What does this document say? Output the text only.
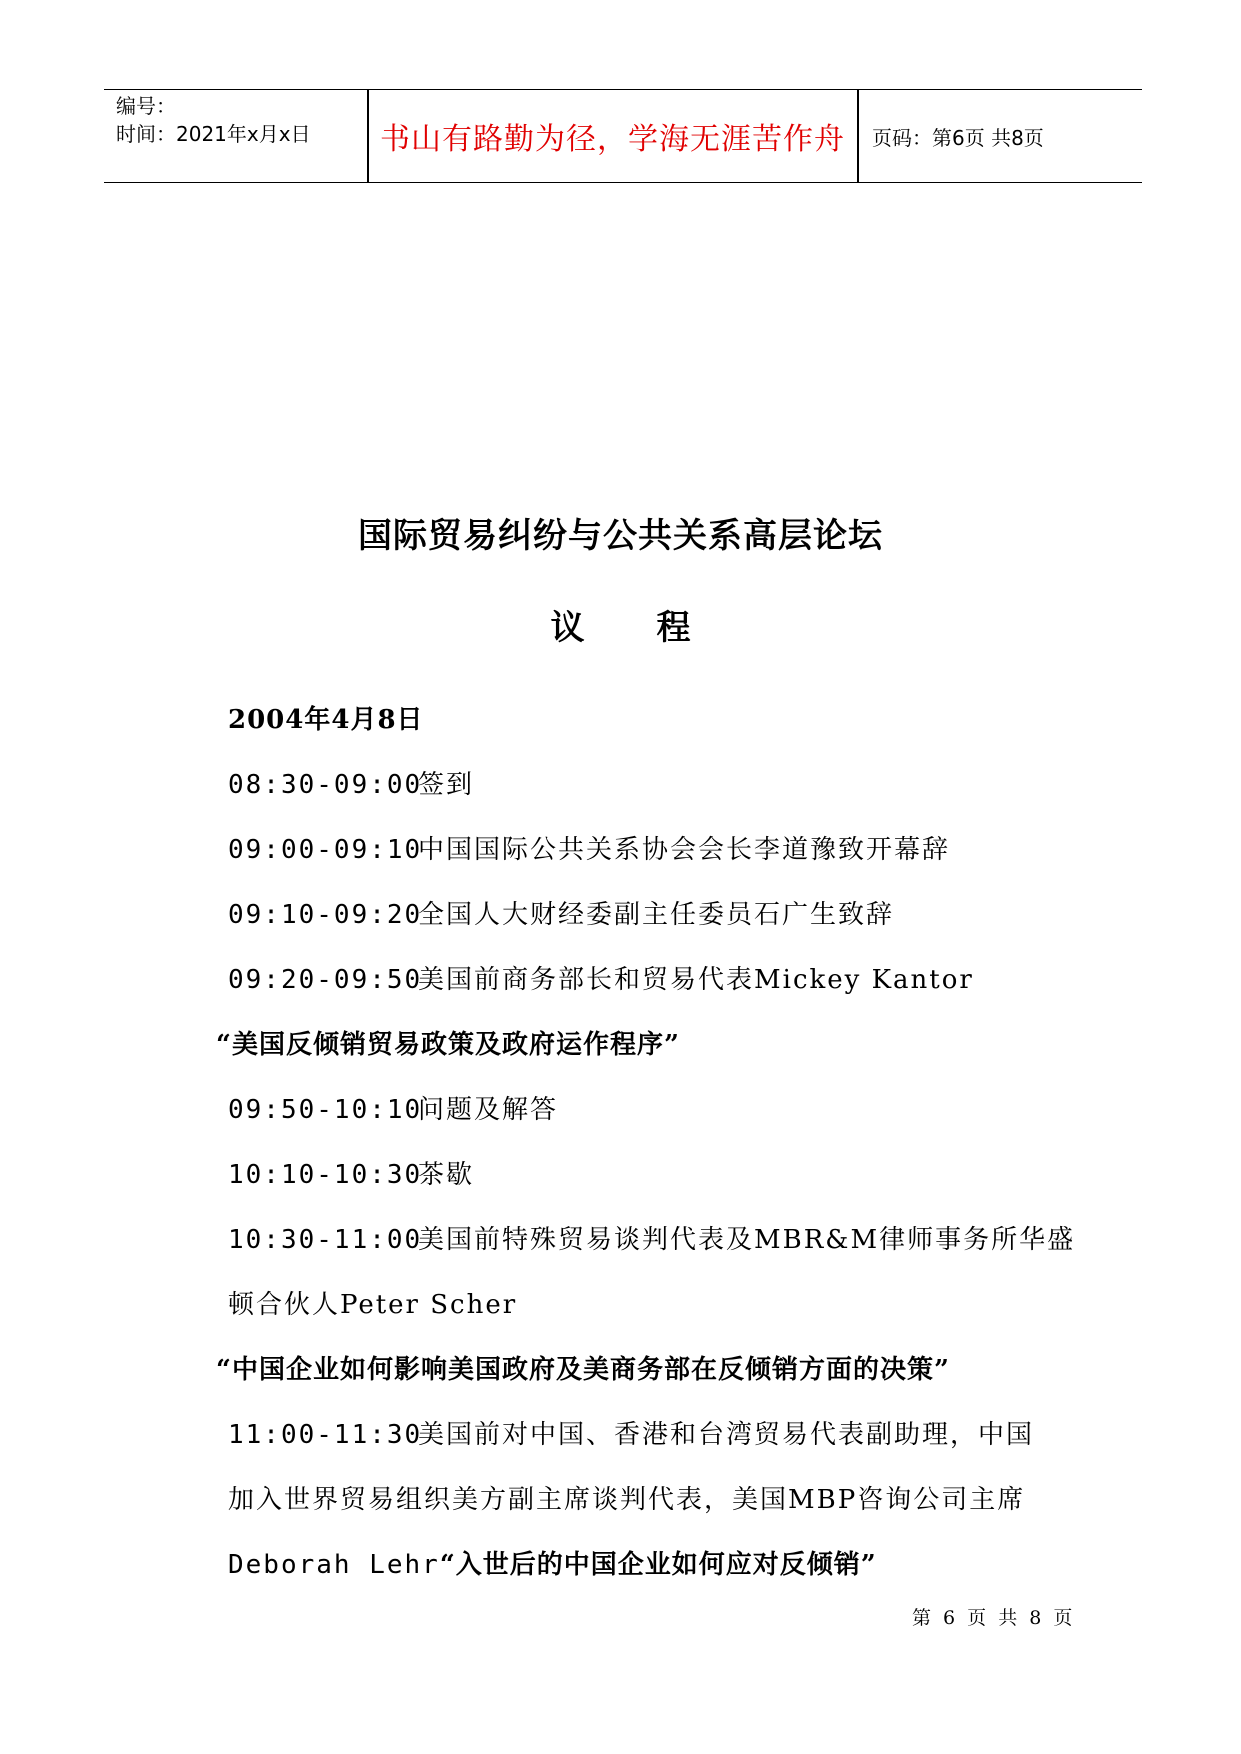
编号：
时间：2021年x月x日	书山有路勤为径，学海无涯苦作舟	页码：第6页 共8页
国际贸易纠纷与公共关系高层论坛
议 程
2004年4月8日
08:30-09:00签到
09:00-09:10中国国际公共关系协会会长李道豫致开幕辞
09:10-09:20全国人大财经委副主任委员石广生致辞
09:20-09:50美国前商务部长和贸易代表Mickey Kantor
“美国反倾销贸易政策及政府运作程序”
09:50-10:10问题及解答
10:10-10:30茶歇
10:30-11:00美国前特殊贸易谈判代表及MBR&M律师事务所华盛
顿合伙人Peter Scher
“中国企业如何影响美国政府及美商务部在反倾销方面的决策”
11:00-11:30美国前对中国、香港和台湾贸易代表副助理，中国
加入世界贸易组织美方副主席谈判代表，美国MBP咨询公司主席
Deborah Lehr“入世后的中国企业如何应对反倾销”
第 6 页 共 8 页
